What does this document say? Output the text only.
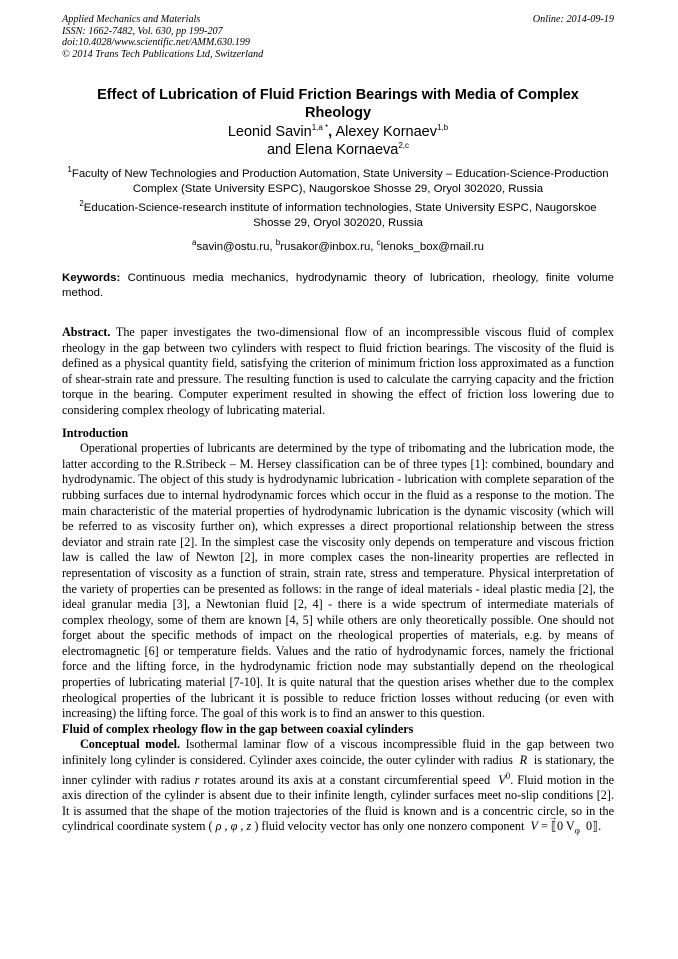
Applied Mechanics and Materials
ISSN: 1662-7482, Vol. 630, pp 199-207
doi:10.4028/www.scientific.net/AMM.630.199
© 2014 Trans Tech Publications Ltd, Switzerland
Online: 2014-09-19
Effect of Lubrication of Fluid Friction Bearings with Media of Complex Rheology
Leonid Savin$^{1,a *}$, Alexey Kornaev$^{1,b}$
and Elena Kornaeva$^{2,c}$
$^1$Faculty of New Technologies and Production Automation, State University – Education-Science-Production Complex (State University ESPC), Naugorskoe Shosse 29, Oryol 302020, Russia
$^2$Education-Science-research institute of information technologies, State University ESPC, Naugorskoe Shosse 29, Oryol 302020, Russia
$^a$savin@ostu.ru, $^b$rusakor@inbox.ru, $^c$lenoks_box@mail.ru
Keywords: Continuous media mechanics, hydrodynamic theory of lubrication, rheology, finite volume method.
Abstract. The paper investigates the two-dimensional flow of an incompressible viscous fluid of complex rheology in the gap between two cylinders with respect to fluid friction bearings. The viscosity of the fluid is defined as a physical quantity field, satisfying the criterion of minimum friction loss approximated as a function of shear-strain rate and pressure. The resulting function is used to calculate the carrying capacity and the friction torque in the bearing. Computer experiment resulted in showing the effect of friction loss lowering due to considering complex rheology of lubricating material.
Introduction
Operational properties of lubricants are determined by the type of tribomating and the lubrication mode, the latter according to the R.Stribeck – M. Hersey classification can be of three types [1]: combined, boundary and hydrodynamic. The object of this study is hydrodynamic lubrication - lubrication with complete separation of the rubbing surfaces due to internal hydrodynamic forces which occur in the fluid as a response to the motion. The main characteristic of the material properties of hydrodynamic lubrication is the dynamic viscosity (which will be referred to as viscosity further on), which expresses a direct proportional relationship between the stress deviator and strain rate [2]. In the simplest case the viscosity only depends on temperature and viscous friction law is called the law of Newton [2], in more complex cases the non-linearity properties are reflected in representation of viscosity as a function of strain, strain rate, stress and temperature. Physical interpretation of the variety of properties can be presented as follows: in the range of ideal materials - ideal plastic media [2], the ideal granular media [3], a Newtonian fluid [2, 4] - there is a wide spectrum of intermediate materials of complex rheology, some of them are known [4, 5] while others are only theoretically possible. One should not forget about the specific methods of impact on the rheological properties of materials, e.g. by means of electromagnetic [6] or temperature fields. Values and the ratio of hydrodynamic forces, namely the frictional force and the lifting force, in the hydrodynamic friction node may substantially depend on the rheological properties of lubricating material [7-10]. It is quite natural that the question arises whether due to the complex rheological properties of the lubricant it is possible to reduce friction losses without reducing (or even with increasing) the lifting force. The goal of this work is to find an answer to this question.
Fluid of complex rheology flow in the gap between coaxial cylinders
Conceptual model. Isothermal laminar flow of a viscous incompressible fluid in the gap between two infinitely long cylinder is considered. Cylinder axes coincide, the outer cylinder with radius R is stationary, the inner cylinder with radius r rotates around its axis at a constant circumferential speed $V^0$. Fluid motion in the axis direction of the cylinder is absent due to their infinite length, cylinder surfaces meet no-slip conditions [2]. It is assumed that the shape of the motion trajectories of the fluid is known and is a concentric circle, so in the cylindrical coordinate system ( ρ , φ , z ) fluid velocity vector has only one nonzero component  → V = ⟦0 $V_\varphi$ 0⟧.
